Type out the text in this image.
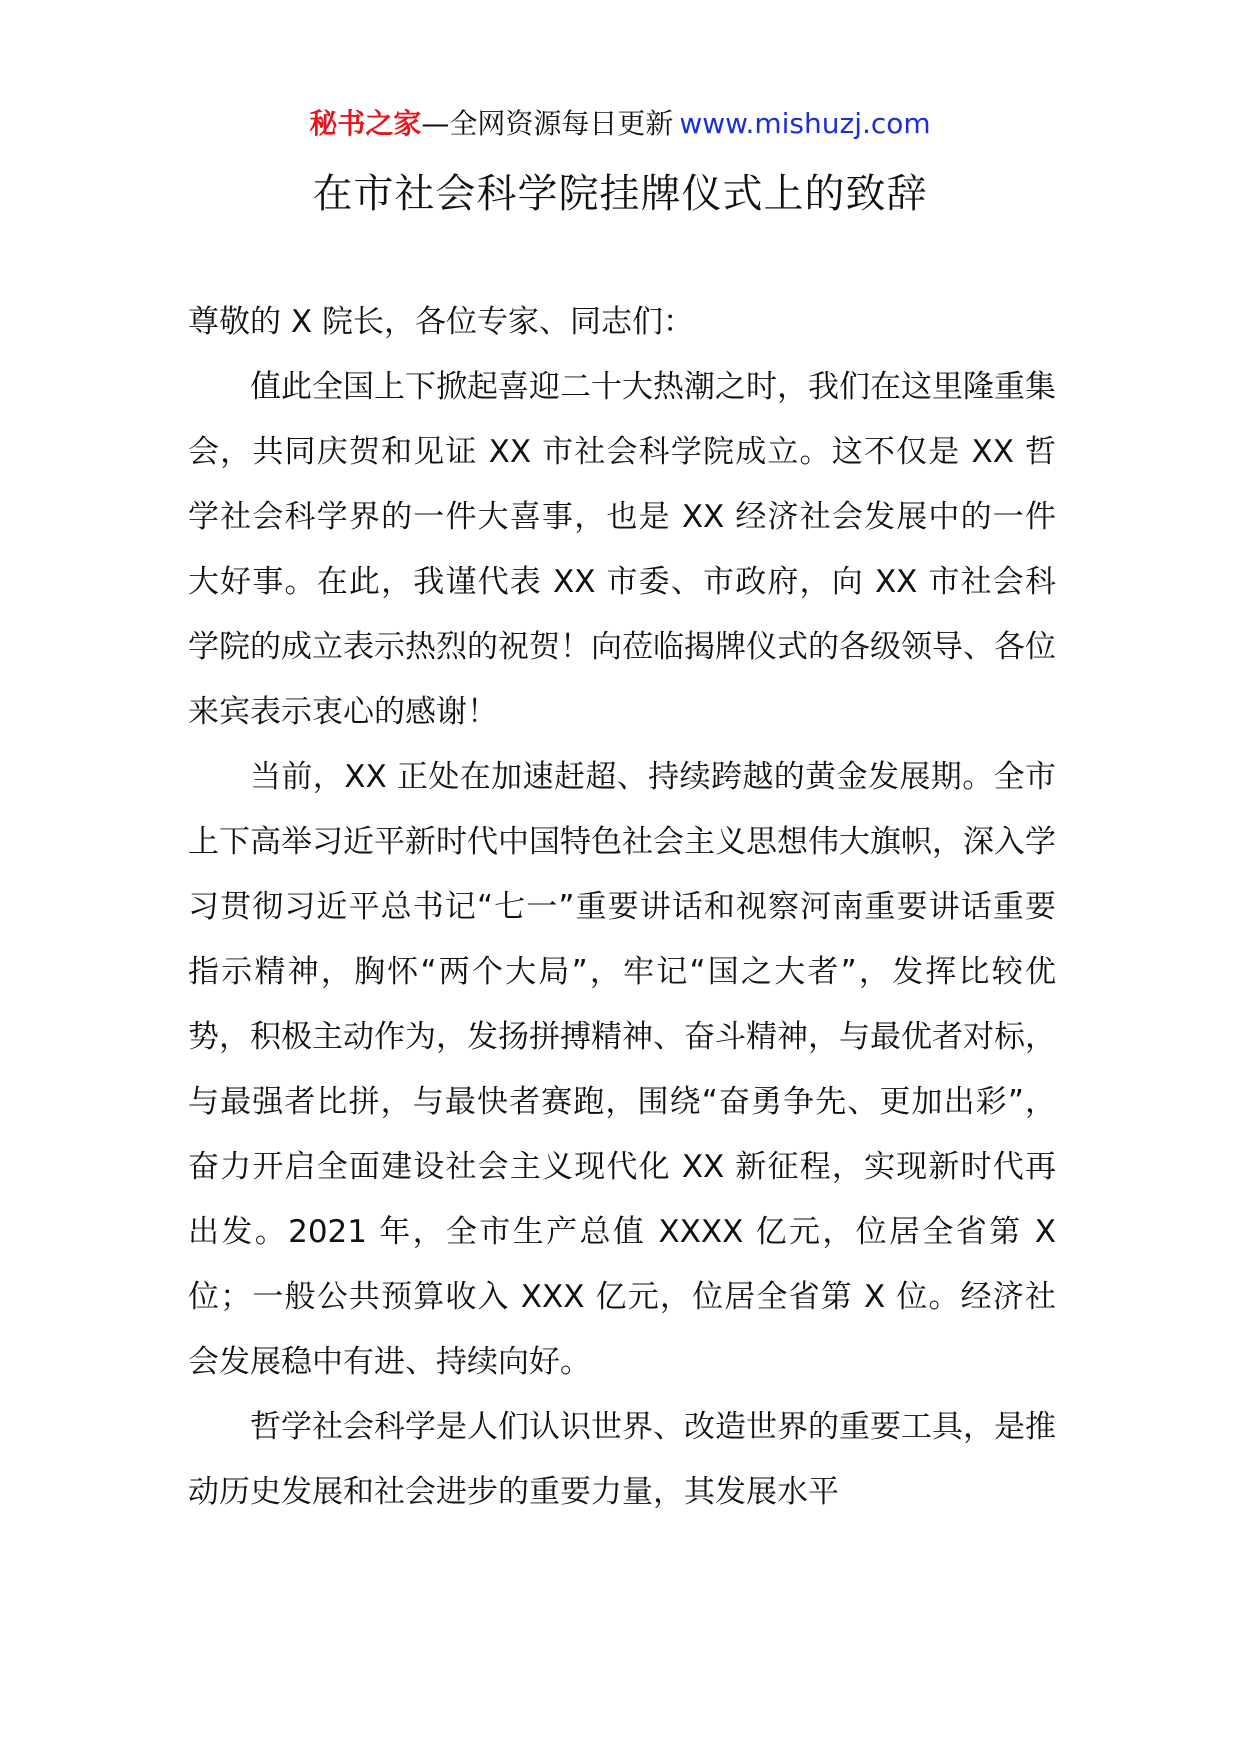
秘书之家—全网资源每日更新 www.mishuzj.com
在市社会科学院挂牌仪式上的致辞

尊敬的 X 院长，各位专家、同志们：

值此全国上下掀起喜迎二十大热潮之时，我们在这里隆重集会，共同庆贺和见证 XX 市社会科学院成立。这不仅是 XX 哲学社会科学界的一件大喜事，也是 XX 经济社会发展中的一件大好事。在此，我谨代表 XX 市委、市政府，向 XX 市社会科学院的成立表示热烈的祝贺！向莅临揭牌仪式的各级领导、各位来宾表示衷心的感谢！

当前，XX 正处在加速赶超、持续跨越的黄金发展期。全市上下高举习近平新时代中国特色社会主义思想伟大旗帜，深入学习贯彻习近平总书记“七一”重要讲话和视察河南重要讲话重要指示精神，胸怀“两个大局”，牢记“国之大者”，发挥比较优势，积极主动作为，发扬拼搏精神、奋斗精神，与最优者对标，与最强者比拼，与最快者赛跑，围绕“奋勇争先、更加出彩”，奋力开启全面建设社会主义现代化 XX 新征程，实现新时代再出发。2021 年，全市生产总值 XXXX 亿元，位居全省第 X 位；一般公共预算收入 XXX 亿元，位居全省第 X 位。经济社会发展稳中有进、持续向好。

哲学社会科学是人们认识世界、改造世界的重要工具，是推动历史发展和社会进步的重要力量，其发展水平
